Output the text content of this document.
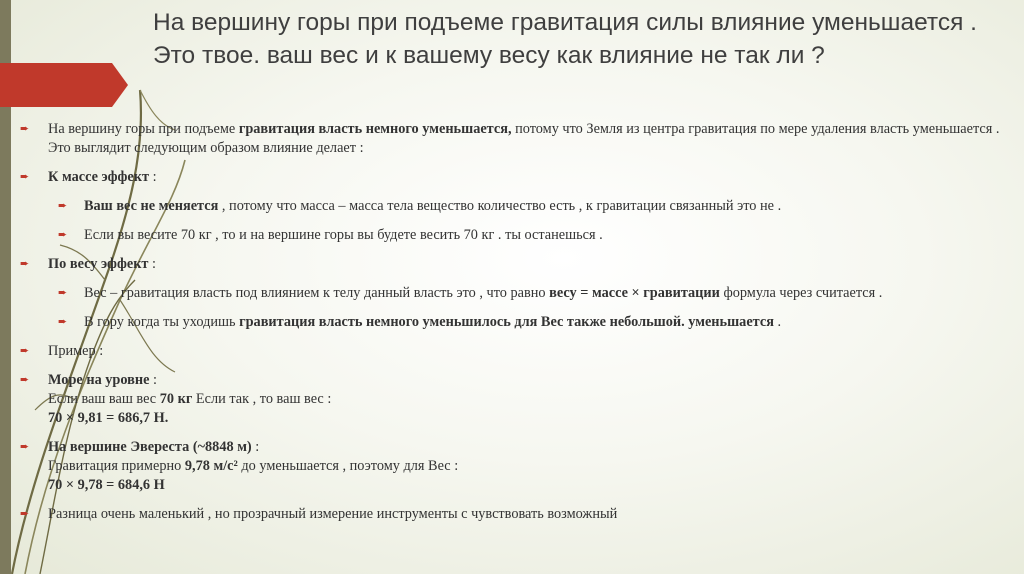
На вершину горы при подъеме гравитация силы влияние уменьшается . Это твое. ваш вес и к вашему весу как влияние не так ли ?
➨ На вершину горы при подъеме гравитация власть немного уменьшается, потому что Земля из центра гравитация по мере удаления власть уменьшается . Это выглядит следующим образом влияние делает :
➨ К массе эффект :
➨ Ваш вес не меняется , потому что масса – масса тела вещество количество есть , к гравитации связанный это не .
➨ Если вы весите 70 кг , то и на вершине горы вы будете весить 70 кг . ты останешься .
➨ По весу эффект :
➨ Вес – гравитация власть под влиянием к телу данный власть это , что равно весу = массе × гравитации формула через считается .
➨ В гору когда ты уходишь гравитация власть немного уменьшилось для Вес также небольшой. уменьшается .
➨ Пример :
➨ Море на уровне :
Если ваш ваш вес 70 кг Если так , то ваш вес :
70 × 9,81 = 686,7 Н.
➨ На вершине Эвереста (~8848 м) :
Гравитация примерно 9,78 м/с² до уменьшается , поэтому для Вес :
70 × 9,78 = 684,6 Н
➨ Разница очень маленький , но прозрачный измерение инструменты с чувствовать возможный
